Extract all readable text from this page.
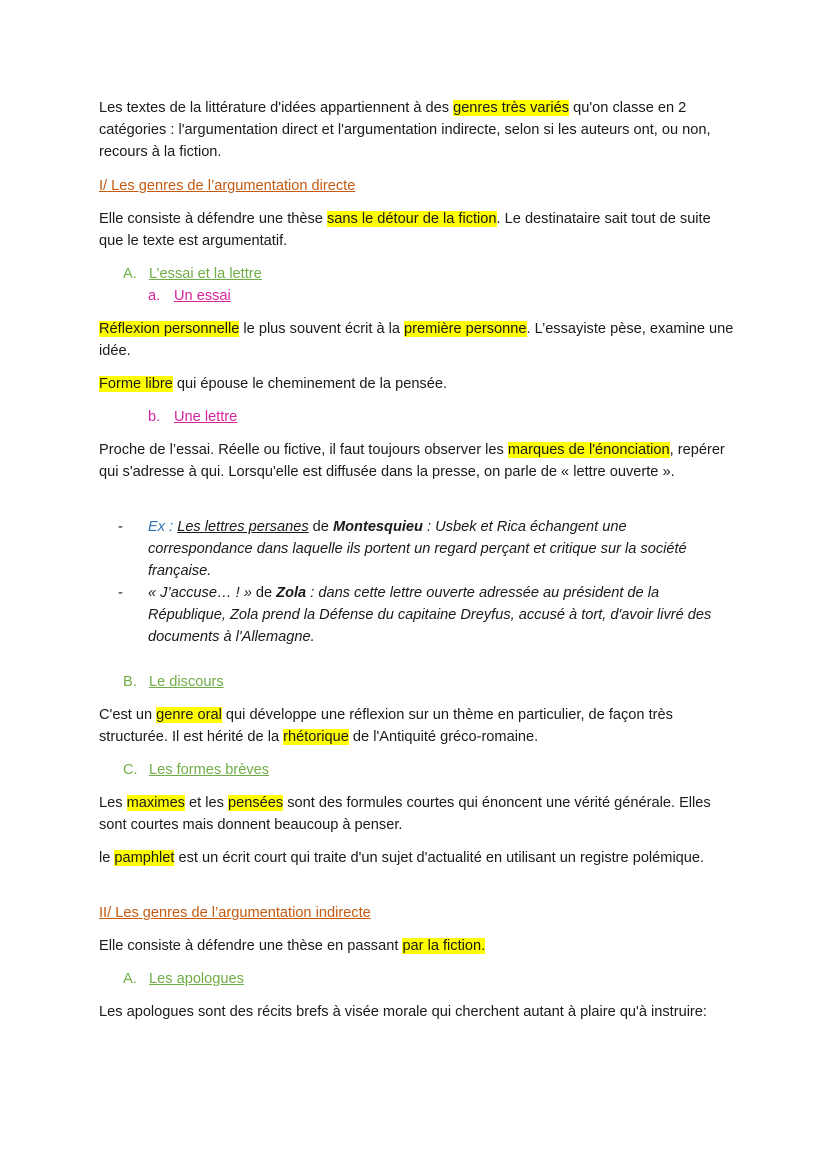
Les textes de la littérature d'idées appartiennent à des genres très variés qu'on classe en 2 catégories : l'argumentation direct et l'argumentation indirecte, selon si les auteurs ont, ou non, recours à la fiction.

I/ Les genres de l’argumentation directe

Elle consiste à défendre une thèse sans le détour de la fiction. Le destinataire sait tout de suite que le texte est argumentatif.

A. L’essai et la lettre

a. Un essai

Réflexion personnelle le plus souvent écrit à la première personne. L’essayiste pèse, examine une idée.

Forme libre qui épouse le cheminement de la pensée.

b. Une lettre

Proche de l’essai. Réelle ou fictive, il faut toujours observer les marques de l'énonciation, repérer qui s'adresse à qui. Lorsqu'elle est diffusée dans la presse, on parle de « lettre ouverte ».

- Ex : Les lettres persanes de Montesquieu : Usbek et Rica échangent une correspondance dans laquelle ils portent un regard perçant et critique sur la société française.
- « J’accuse… ! » de Zola : dans cette lettre ouverte adressée au président de la République, Zola prend la Défense du capitaine Dreyfus, accusé à tort, d'avoir livré des documents à l'Allemagne.

B. Le discours

C'est un genre oral qui développe une réflexion sur un thème en particulier, de façon très structurée. Il est hérité de la rhétorique de l'Antiquité gréco-romaine.

C. Les formes brèves

Les maximes et les pensées sont des formules courtes qui énoncent une vérité générale. Elles sont courtes mais donnent beaucoup à penser.

le pamphlet est un écrit court qui traite d'un sujet d'actualité en utilisant un registre polémique.

II/ Les genres de l’argumentation indirecte

Elle consiste à défendre une thèse en passant par la fiction.

A. Les apologues

Les apologues sont des récits brefs à visée morale qui cherchent autant à plaire qu'à instruire:
